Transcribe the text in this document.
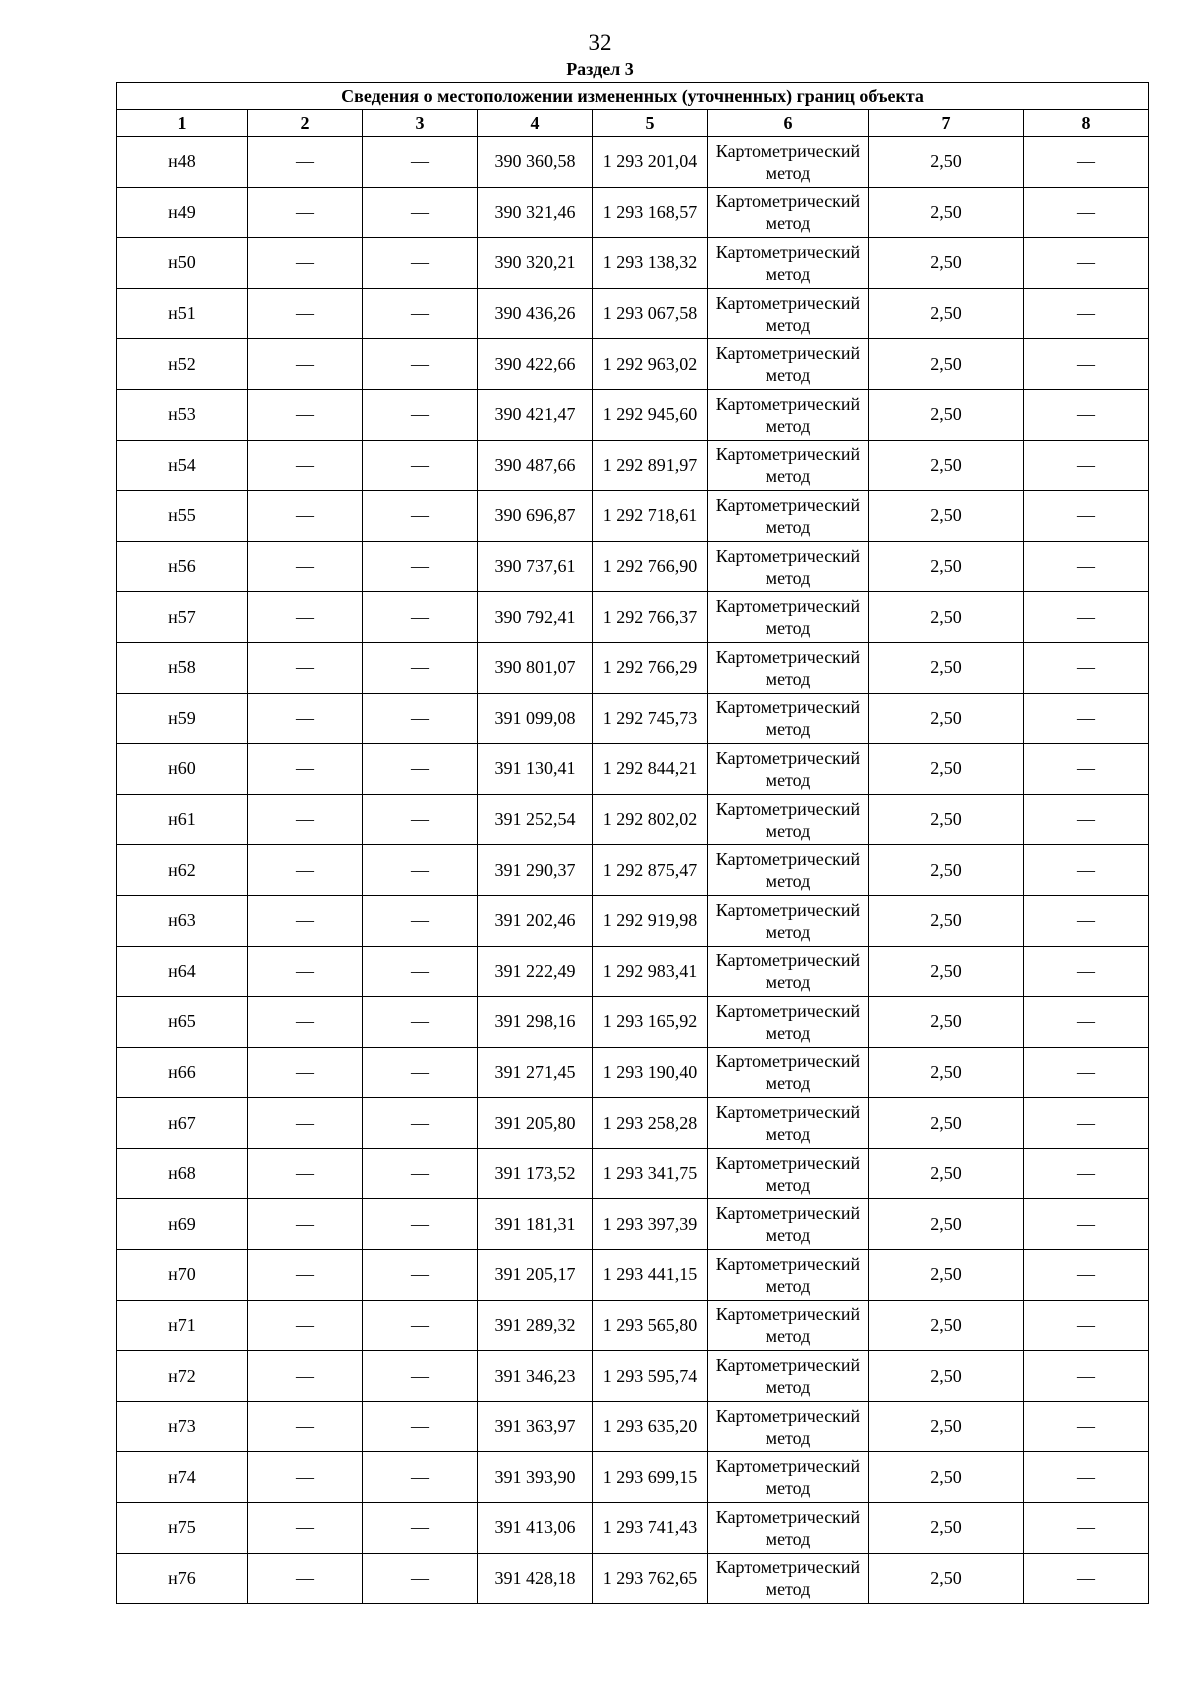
32
Раздел 3
Сведения о местоположении измененных (уточненных) границ объекта							
1	2	3	4	5	6	7	8
н48	—	—	390 360,58	1 293 201,04	Картометрический метод	2,50	—
н49	—	—	390 321,46	1 293 168,57	Картометрический метод	2,50	—
н50	—	—	390 320,21	1 293 138,32	Картометрический метод	2,50	—
н51	—	—	390 436,26	1 293 067,58	Картометрический метод	2,50	—
н52	—	—	390 422,66	1 292 963,02	Картометрический метод	2,50	—
н53	—	—	390 421,47	1 292 945,60	Картометрический метод	2,50	—
н54	—	—	390 487,66	1 292 891,97	Картометрический метод	2,50	—
н55	—	—	390 696,87	1 292 718,61	Картометрический метод	2,50	—
н56	—	—	390 737,61	1 292 766,90	Картометрический метод	2,50	—
н57	—	—	390 792,41	1 292 766,37	Картометрический метод	2,50	—
н58	—	—	390 801,07	1 292 766,29	Картометрический метод	2,50	—
н59	—	—	391 099,08	1 292 745,73	Картометрический метод	2,50	—
н60	—	—	391 130,41	1 292 844,21	Картометрический метод	2,50	—
н61	—	—	391 252,54	1 292 802,02	Картометрический метод	2,50	—
н62	—	—	391 290,37	1 292 875,47	Картометрический метод	2,50	—
н63	—	—	391 202,46	1 292 919,98	Картометрический метод	2,50	—
н64	—	—	391 222,49	1 292 983,41	Картометрический метод	2,50	—
н65	—	—	391 298,16	1 293 165,92	Картометрический метод	2,50	—
н66	—	—	391 271,45	1 293 190,40	Картометрический метод	2,50	—
н67	—	—	391 205,80	1 293 258,28	Картометрический метод	2,50	—
н68	—	—	391 173,52	1 293 341,75	Картометрический метод	2,50	—
н69	—	—	391 181,31	1 293 397,39	Картометрический метод	2,50	—
н70	—	—	391 205,17	1 293 441,15	Картометрический метод	2,50	—
н71	—	—	391 289,32	1 293 565,80	Картометрический метод	2,50	—
н72	—	—	391 346,23	1 293 595,74	Картометрический метод	2,50	—
н73	—	—	391 363,97	1 293 635,20	Картометрический метод	2,50	—
н74	—	—	391 393,90	1 293 699,15	Картометрический метод	2,50	—
н75	—	—	391 413,06	1 293 741,43	Картометрический метод	2,50	—
н76	—	—	391 428,18	1 293 762,65	Картометрический метод	2,50	—
